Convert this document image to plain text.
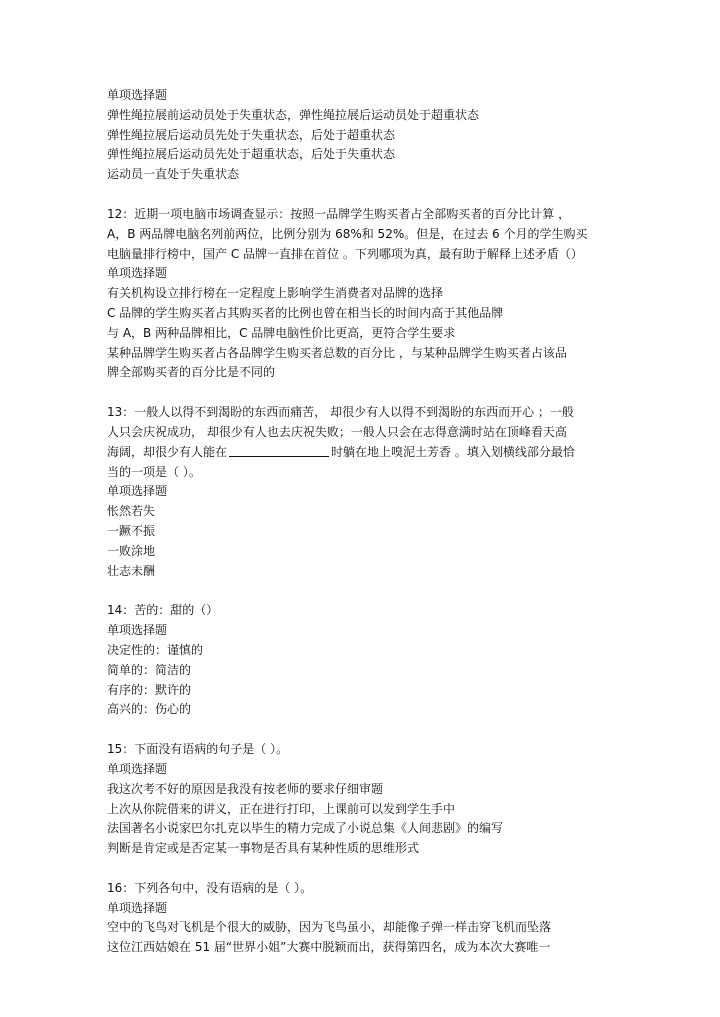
单项选择题
弹性绳拉展前运动员处于失重状态，弹性绳拉展后运动员处于超重状态
弹性绳拉展后运动员先处于失重状态，后处于超重状态
弹性绳拉展后运动员先处于超重状态，后处于失重状态
运动员一直处于失重状态
12：近期一项电脑市场调查显示：按照一品牌学生购买者占全部购买者的百分比计算 ，
A，B 两品牌电脑名列前两位，比例分别为 68%和 52%。但是，在过去 6 个月的学生购买
电脑量排行榜中，国产 C 品牌一直排在首位 。下列哪项为真，最有助于解释上述矛盾（）
单项选择题
有关机构设立排行榜在一定程度上影响学生消费者对品牌的选择
C 品牌的学生购买者占其购买者的比例也曾在相当长的时间内高于其他品牌
与 A，B 两种品牌相比，C 品牌电脑性价比更高，更符合学生要求
某种品牌学生购买者占各品牌学生购买者总数的百分比 ，与某种品牌学生购买者占该品
牌全部购买者的百分比是不同的
13：一般人以得不到渴盼的东西而痛苦， 却很少有人以得不到渴盼的东西而开心 ；一般
人只会庆祝成功， 却很少有人也去庆祝失败；一般人只会在志得意满时站在顶峰看天高
海阔，却很少有人能在	时躺在地上嗅泥土芳香 。填入划横线部分最恰
当的一项是（ ）。
单项选择题
怅然若失
一蹶不振
一败涂地
壮志未酬
14：苦的：甜的（）
单项选择题
决定性的：谨慎的
简单的：简洁的
有序的：默许的
高兴的：伤心的
15：下面没有语病的句子是（ ）。
单项选择题
我这次考不好的原因是我没有按老师的要求仔细审题
上次从你院借来的讲义，正在进行打印，上课前可以发到学生手中
法国著名小说家巴尔扎克以毕生的精力完成了小说总集《人间悲剧》的编写
判断是肯定或是否定某一事物是否具有某种性质的思维形式
16：下列各句中，没有语病的是（ ）。
单项选择题
空中的飞鸟对飞机是个很大的威胁，因为飞鸟虽小，却能像子弹一样击穿飞机而坠落
这位江西姑娘在 51 届“世界小姐”大赛中脱颖而出，获得第四名，成为本次大赛唯一
